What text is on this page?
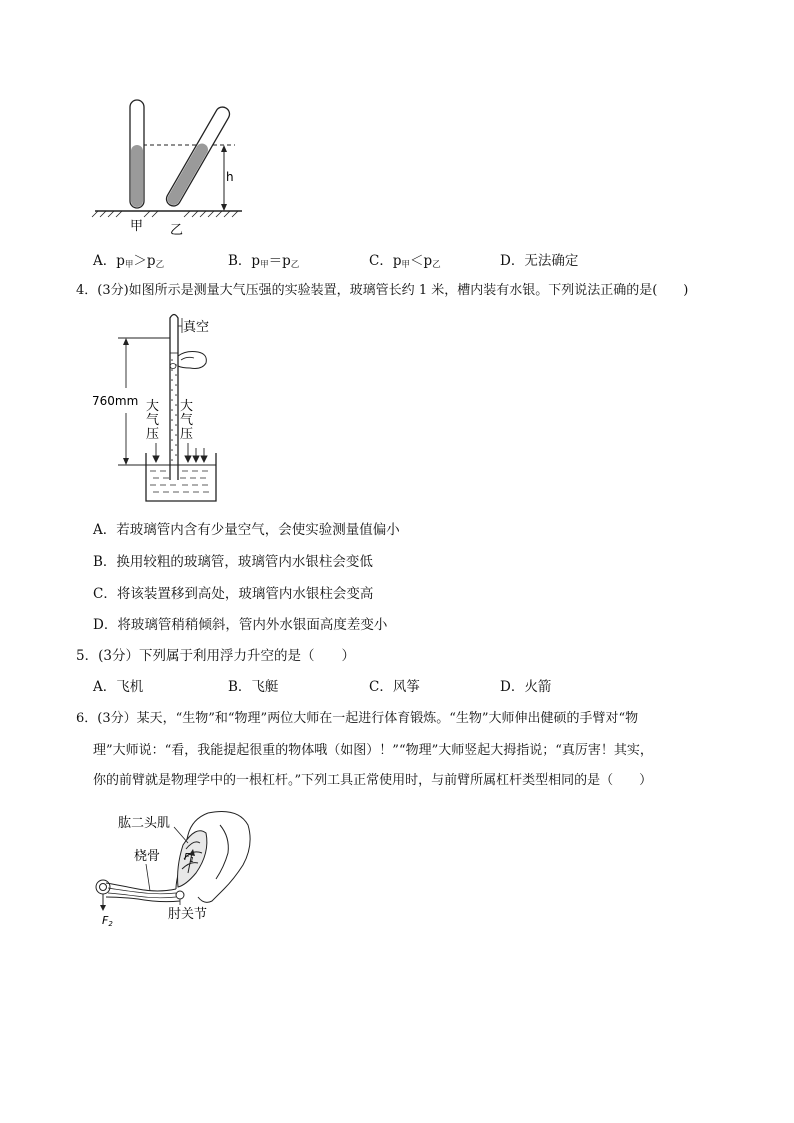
h
甲 乙
A．p甲＞p乙	B．p甲＝p乙	C．p甲＜p乙	D．无法确定
4．(3分)如图所示是测量大气压强的实验装置，玻璃管长约 1 米，槽内装有水银。下列说法正确的是(　　)
真空
760mm 大
气
压
大
气
压
A．若玻璃管内含有少量空气，会使实验测量值偏小
B．换用较粗的玻璃管，玻璃管内水银柱会变低
C．将该装置移到高处，玻璃管内水银柱会变高
D．将玻璃管稍稍倾斜，管内外水银面高度差变小
5．(3分）下列属于利用浮力升空的是（　　）
A．飞机	B．飞艇	C．风筝	D．火箭
6．(3分）某天，“生物”和“物理”两位大师在一起进行体育锻炼。“生物”大师伸出健硕的手臂对“物
理”大师说：“看，我能提起很重的物体哦（如图）！”“物理”大师竖起大拇指说；“真厉害！其实，
你的前臂就是物理学中的一根杠杆。”下列工具正常使用时，与前臂所属杠杆类型相同的是（　　）
$F_1$
F2
肱二头肌
桡骨
肘关节
